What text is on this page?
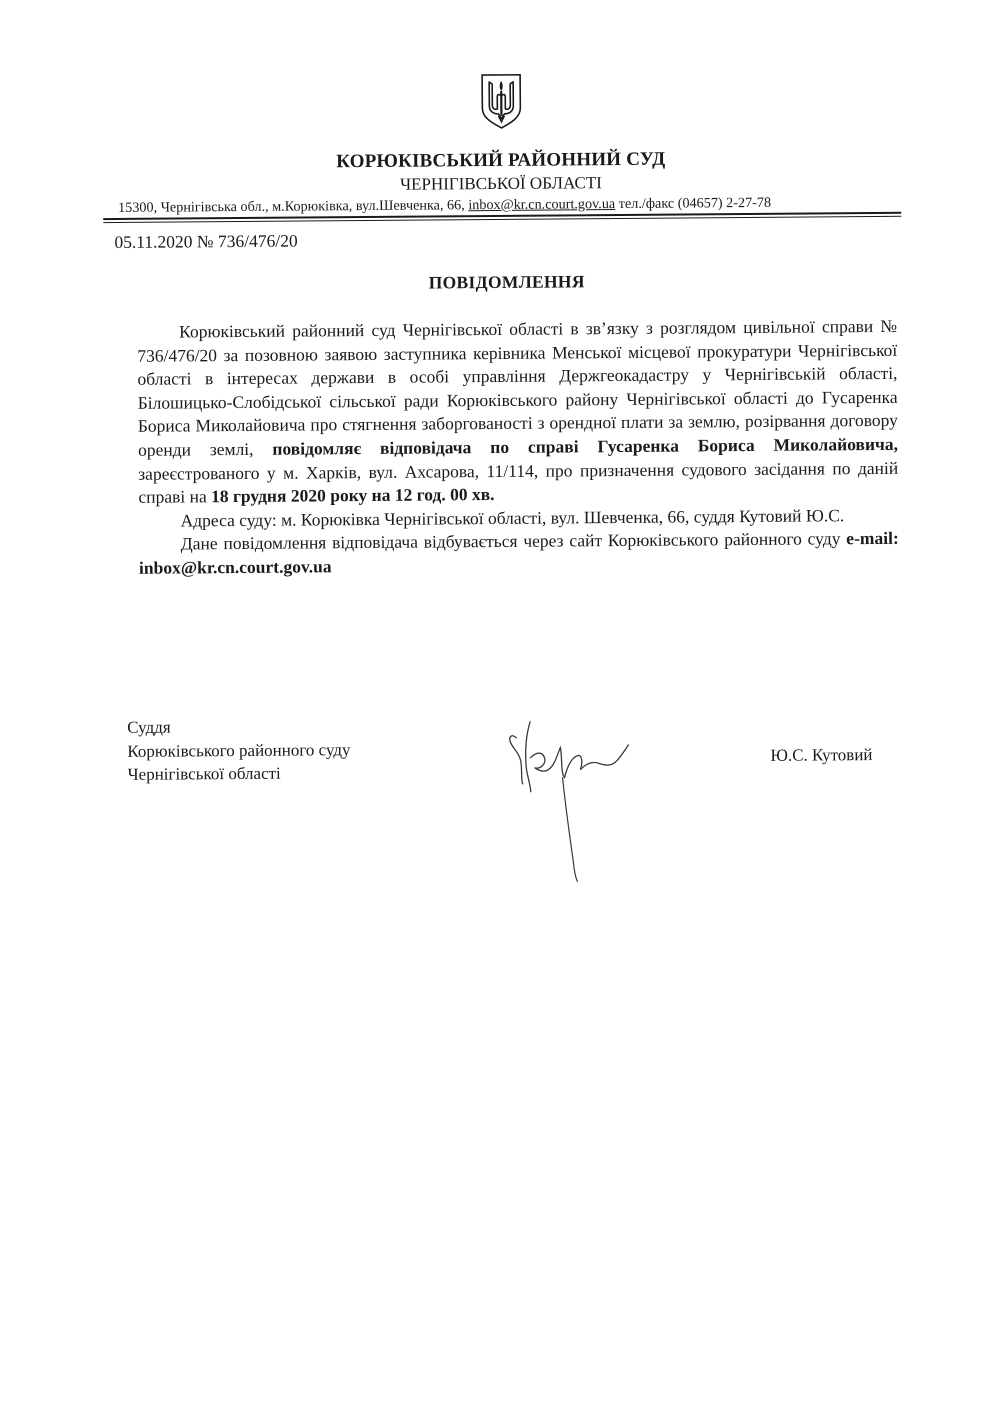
КОРЮКІВСЬКИЙ РАЙОННИЙ СУД
ЧЕРНІГІВСЬКОЇ ОБЛАСТІ
15300, Чернігівська обл., м.Корюківка, вул.Шевченка, 66, inbox@kr.cn.court.gov.ua тел./факс (04657) 2-27-78
05.11.2020 № 736/476/20
ПОВІДОМЛЕННЯ

Корюківський районний суд Чернігівської області в зв’язку з розглядом цивільної справи № 736/476/20 за позовною заявою заступника керівника Менської місцевої прокуратури Чернігівської області в інтересах держави в особі управління Держгеокадастру у Чернігівській області, Білошицько-Слобідської сільської ради Корюківського району Чернігівської області до Гусаренка Бориса Миколайовича про стягнення заборгованості з орендної плати за землю, розірвання договору оренди землі, повідомляє відповідача по справі Гусаренка Бориса Миколайовича, зареєстрованого у м. Харків, вул. Ахсарова, 11/114, про призначення судового засідання по даній справі на 18 грудня 2020 року на 12 год. 00 хв.

Адреса суду: м. Корюківка Чернігівської області, вул. Шевченка, 66, суддя Кутовий Ю.С.

Дане повідомлення відповідача відбувається через сайт Корюківського районного суду e-mail: inbox@kr.cn.court.gov.ua

Суддя
Корюківського районного суду
Чернігівської області
Ю.С. Кутовий
